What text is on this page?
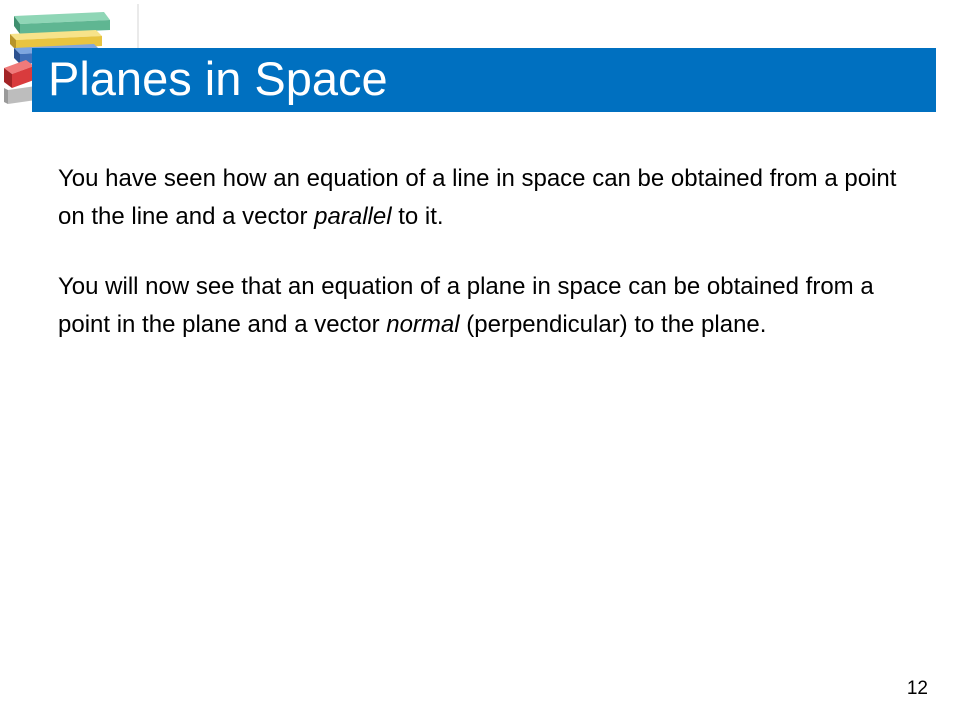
Planes in Space

You have seen how an equation of a line in space can be obtained from a point on the line and a vector parallel to it.

You will now see that an equation of a plane in space can be obtained from a point in the plane and a vector normal (perpendicular) to the plane.

12
